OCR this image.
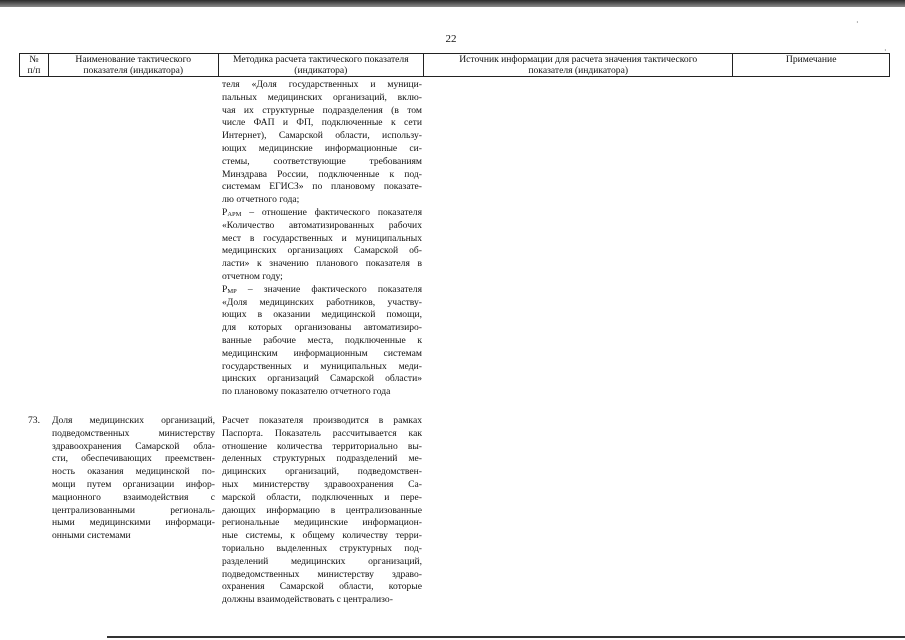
22
№
п/п
Наименование тактического
показателя (индикатора)
Методика расчета тактического показателя
(индикатора)
Источник информации для расчета значения тактического
показателя (индикатора)
Примечание
теля «Доля государственных и муници-
пальных медицинских организаций, вклю-
чая их структурные подразделения (в том
числе ФАП и ФП, подключенные к сети
Интернет), Самарской области, использу-
ющих медицинские информационные си-
стемы, соответствующие требованиям
Минздрава России, подключенные к под-
системам ЕГИСЗ» по плановому показате-
лю отчетного года;
$Р_{АРМ}$ – отношение фактического показателя
«Количество автоматизированных рабочих
мест в государственных и муниципальных
медицинских организациях Самарской об-
ласти» к значению планового показателя в
отчетном году;
$Р_{МР}$ – значение фактического показателя
«Доля медицинских работников, участву-
ющих в оказании медицинской помощи,
для которых организованы автоматизиро-
ванные рабочие места, подключенные к
медицинским информационным системам
государственных и муниципальных меди-
цинских организаций Самарской области»
по плановому показателю отчетного года
73. Доля медицинских организаций,
подведомственных министерству
здравоохранения Самарской обла-
сти, обеспечивающих преемствен-
ность оказания медицинской по-
мощи путем организации инфор-
мационного взаимодействия с
централизованными региональ-
ными медицинскими информаци-
онными системами
Расчет показателя производится в рамках
Паспорта. Показатель рассчитывается как
отношение количества территориально вы-
деленных структурных подразделений ме-
дицинских организаций, подведомствен-
ных министерству здравоохранения Са-
марской области, подключенных и пере-
дающих информацию в централизованные
региональные медицинские информацион-
ные системы, к общему количеству терри-
ториально выделенных структурных под-
разделений медицинских организаций,
подведомственных министерству здраво-
охранения Самарской области, которые
должны взаимодействовать с централизо-
·
·
